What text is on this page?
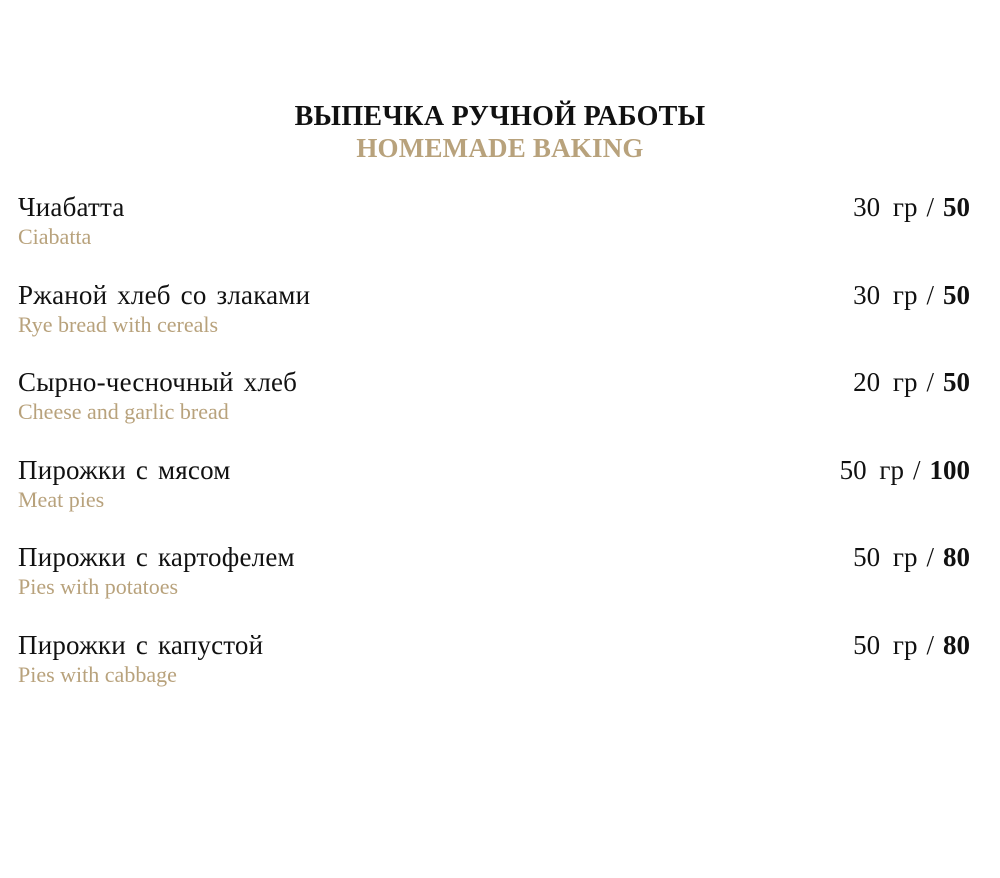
ВЫПЕЧКА РУЧНОЙ РАБОТЫ
HOMEMADE BAKING
Чиабатта
Ciabatta
30 гр / 50
Ржаной хлеб со злаками
Rye bread with cereals
30 гр / 50
Сырно-чесночный хлеб
Cheese and garlic bread
20 гр / 50
Пирожки с мясом
Meat pies
50 гр / 100
Пирожки с картофелем
Pies with potatoes
50 гр / 80
Пирожки с капустой
Pies with cabbage
50 гр / 80
